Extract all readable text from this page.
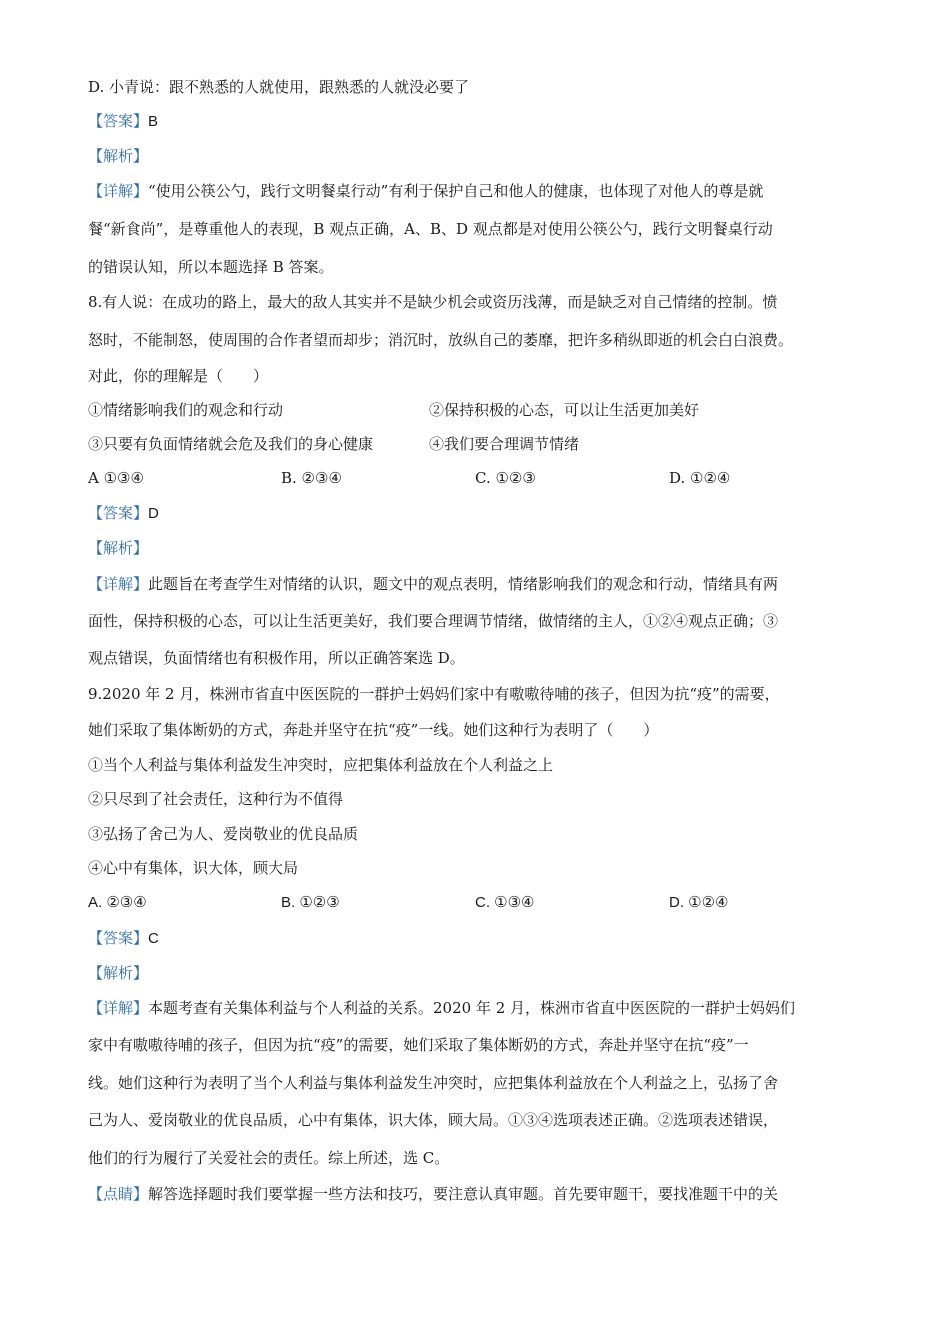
D. 小青说：跟不熟悉的人就使用，跟熟悉的人就没必要了
【答案】B
【解析】
【详解】“使用公筷公勺，践行文明餐桌行动”有利于保护自己和他人的健康，也体现了对他人的尊是就
餐“新食尚”，是尊重他人的表现，B 观点正确，A、B、D 观点都是对使用公筷公勺，践行文明餐桌行动
的错误认知，所以本题选择 B 答案。
8.有人说：在成功的路上，最大的敌人其实并不是缺少机会或资历浅薄，而是缺乏对自己情绪的控制。愤
怒时，不能制怒，使周围的合作者望而却步；消沉时，放纵自己的萎靡，把许多稍纵即逝的机会白白浪费。
对此，你的理解是（　　）
①情绪影响我们的观念和行动	②保持积极的心态，可以让生活更加美好
③只要有负面情绪就会危及我们的身心健康	④我们要合理调节情绪
A ①③④	B. ②③④	C. ①②③	D. ①②④
【答案】D
【解析】
【详解】此题旨在考查学生对情绪的认识，题文中的观点表明，情绪影响我们的观念和行动，情绪具有两
面性，保持积极的心态，可以让生活更美好，我们要合理调节情绪，做情绪的主人，①②④观点正确；③
观点错误，负面情绪也有积极作用，所以正确答案选 D。
9.2020 年 2 月，株洲市省直中医医院的一群护士妈妈们家中有嗷嗷待哺的孩子，但因为抗“疫”的需要，
她们采取了集体断奶的方式，奔赴并坚守在抗“疫”一线。她们这种行为表明了（　　）
①当个人利益与集体利益发生冲突时，应把集体利益放在个人利益之上
②只尽到了社会责任，这种行为不值得
③弘扬了舍己为人、爱岗敬业的优良品质
④心中有集体，识大体，顾大局
A. ②③④	B. ①②③	C. ①③④	D. ①②④
【答案】C
【解析】
【详解】本题考查有关集体利益与个人利益的关系。2020 年 2 月，株洲市省直中医医院的一群护士妈妈们
家中有嗷嗷待哺的孩子，但因为抗“疫”的需要，她们采取了集体断奶的方式，奔赴并坚守在抗“疫”一
线。她们这种行为表明了当个人利益与集体利益发生冲突时，应把集体利益放在个人利益之上，弘扬了舍
己为人、爱岗敬业的优良品质，心中有集体，识大体，顾大局。①③④选项表述正确。②选项表述错误，
他们的行为履行了关爱社会的责任。综上所述，选 C。
【点睛】解答选择题时我们要掌握一些方法和技巧，要注意认真审题。首先要审题干，要找准题干中的关
